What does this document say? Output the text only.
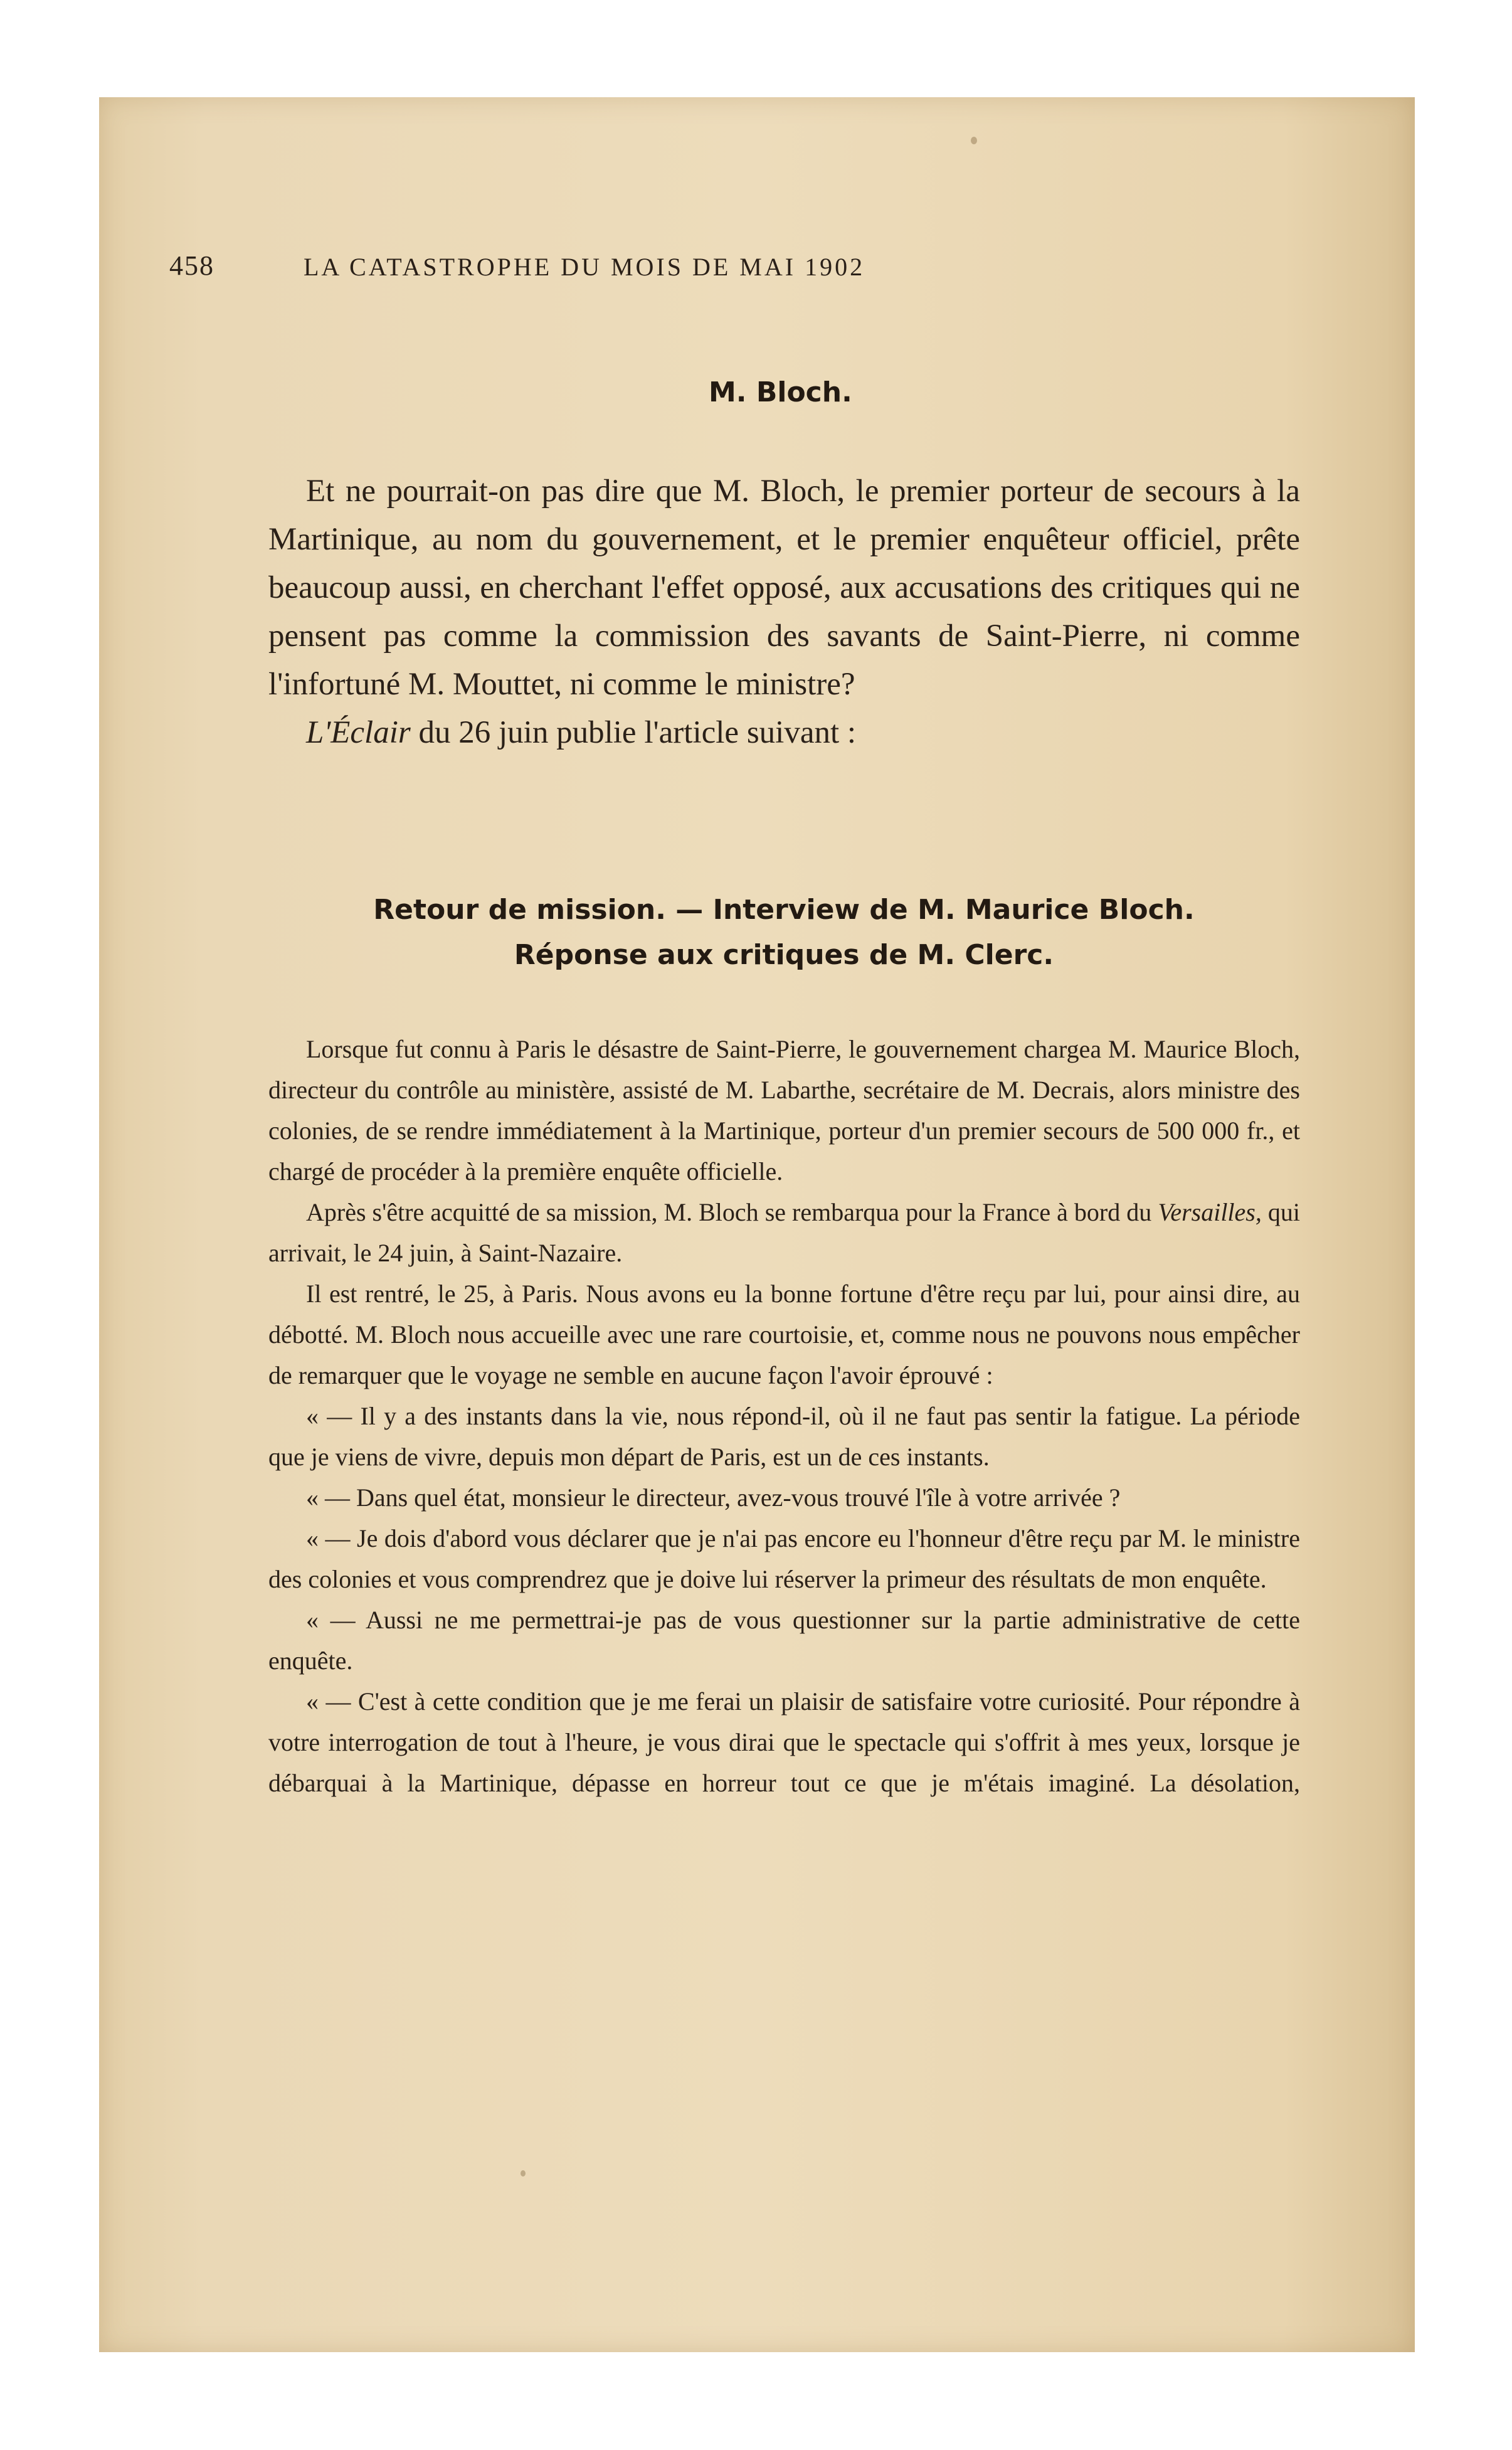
458	LA CATASTROPHE DU MOIS DE MAI 1902
M. Bloch.

Et ne pourrait-on pas dire que M. Bloch, le premier porteur de secours à la Martinique, au nom du gouvernement, et le premier enquêteur officiel, prête beaucoup aussi, en cherchant l'effet opposé, aux accusations des critiques qui ne pensent pas comme la commission des savants de Saint-Pierre, ni comme l'infortuné M. Mouttet, ni comme le ministre?

L'Éclair du 26 juin publie l'article suivant :

Retour de mission. — Interview de M. Maurice Bloch.
Réponse aux critiques de M. Clerc.

Lorsque fut connu à Paris le désastre de Saint-Pierre, le gouvernement chargea M. Maurice Bloch, directeur du contrôle au ministère, assisté de M. Labarthe, secrétaire de M. Decrais, alors ministre des colonies, de se rendre immédiatement à la Martinique, porteur d'un premier secours de 500 000 fr., et chargé de procéder à la première enquête officielle.

Après s'être acquitté de sa mission, M. Bloch se rembarqua pour la France à bord du Versailles, qui arrivait, le 24 juin, à Saint-Nazaire.

Il est rentré, le 25, à Paris. Nous avons eu la bonne fortune d'être reçu par lui, pour ainsi dire, au débotté. M. Bloch nous accueille avec une rare courtoisie, et, comme nous ne pouvons nous empêcher de remarquer que le voyage ne semble en aucune façon l'avoir éprouvé :

« — Il y a des instants dans la vie, nous répond-il, où il ne faut pas sentir la fatigue. La période que je viens de vivre, depuis mon départ de Paris, est un de ces instants.

« — Dans quel état, monsieur le directeur, avez-vous trouvé l'île à votre arrivée ?

« — Je dois d'abord vous déclarer que je n'ai pas encore eu l'honneur d'être reçu par M. le ministre des colonies et vous comprendrez que je doive lui réserver la primeur des résultats de mon enquête.

« — Aussi ne me permettrai-je pas de vous questionner sur la partie administrative de cette enquête.

« — C'est à cette condition que je me ferai un plaisir de satisfaire votre curiosité. Pour répondre à votre interrogation de tout à l'heure, je vous dirai que le spectacle qui s'offrit à mes yeux, lorsque je débarquai à la Martinique, dépasse en horreur tout ce que je m'étais imaginé. La désolation,
